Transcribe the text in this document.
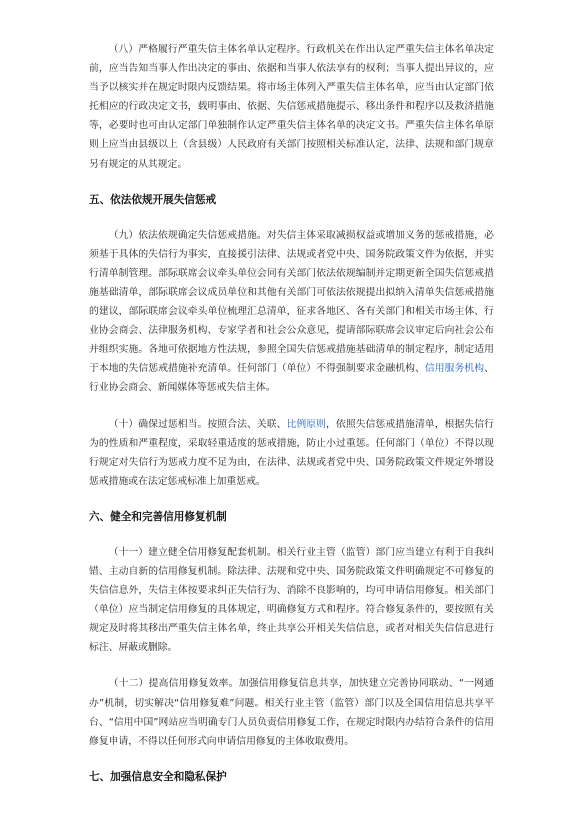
（八）严格履行严重失信主体名单认定程序。行政机关在作出认定严重失信主体名单决定前，应当告知当事人作出决定的事由、依据和当事人依法享有的权利；当事人提出异议的，应当予以核实并在规定时限内反馈结果。将市场主体列入严重失信主体名单，应当由认定部门依托相应的行政决定文书，载明事由、依据、失信惩戒措施提示、移出条件和程序以及救济措施等，必要时也可由认定部门单独制作认定严重失信主体名单的决定文书。严重失信主体名单原则上应当由县级以上（含县级）人民政府有关部门按照相关标准认定，法律、法规和部门规章另有规定的从其规定。

五、依法依规开展失信惩戒

（九）依法依规确定失信惩戒措施。对失信主体采取减损权益或增加义务的惩戒措施，必须基于具体的失信行为事实，直接援引法律、法规或者党中央、国务院政策文件为依据，并实行清单制管理。部际联席会议牵头单位会同有关部门依法依规编制并定期更新全国失信惩戒措施基础清单，部际联席会议成员单位和其他有关部门可依法依规提出拟纳入清单失信惩戒措施的建议，部际联席会议牵头单位梳理汇总清单，征求各地区、各有关部门和相关市场主体、行业协会商会、法律服务机构、专家学者和社会公众意见，提请部际联席会议审定后向社会公布并组织实施。各地可依据地方性法规，参照全国失信惩戒措施基础清单的制定程序，制定适用于本地的失信惩戒措施补充清单。任何部门（单位）不得强制要求金融机构、信用服务机构、行业协会商会、新闻媒体等惩戒失信主体。

（十）确保过惩相当。按照合法、关联、比例原则，依照失信惩戒措施清单，根据失信行为的性质和严重程度，采取轻重适度的惩戒措施，防止小过重惩。任何部门（单位）不得以现行规定对失信行为惩戒力度不足为由，在法律、法规或者党中央、国务院政策文件规定外增设惩戒措施或在法定惩戒标准上加重惩戒。

六、健全和完善信用修复机制

（十一）建立健全信用修复配套机制。相关行业主管（监管）部门应当建立有利于自我纠错、主动自新的信用修复机制。除法律、法规和党中央、国务院政策文件明确规定不可修复的失信信息外，失信主体按要求纠正失信行为、消除不良影响的，均可申请信用修复。相关部门（单位）应当制定信用修复的具体规定，明确修复方式和程序。符合修复条件的，要按照有关规定及时将其移出严重失信主体名单，终止共享公开相关失信信息，或者对相关失信信息进行标注、屏蔽或删除。

（十二）提高信用修复效率。加强信用修复信息共享，加快建立完善协同联动、“一网通办”机制，切实解决“信用修复难”问题。相关行业主管（监管）部门以及全国信用信息共享平台、“信用中国”网站应当明确专门人员负责信用修复工作，在规定时限内办结符合条件的信用修复申请，不得以任何形式向申请信用修复的主体收取费用。

七、加强信息安全和隐私保护
